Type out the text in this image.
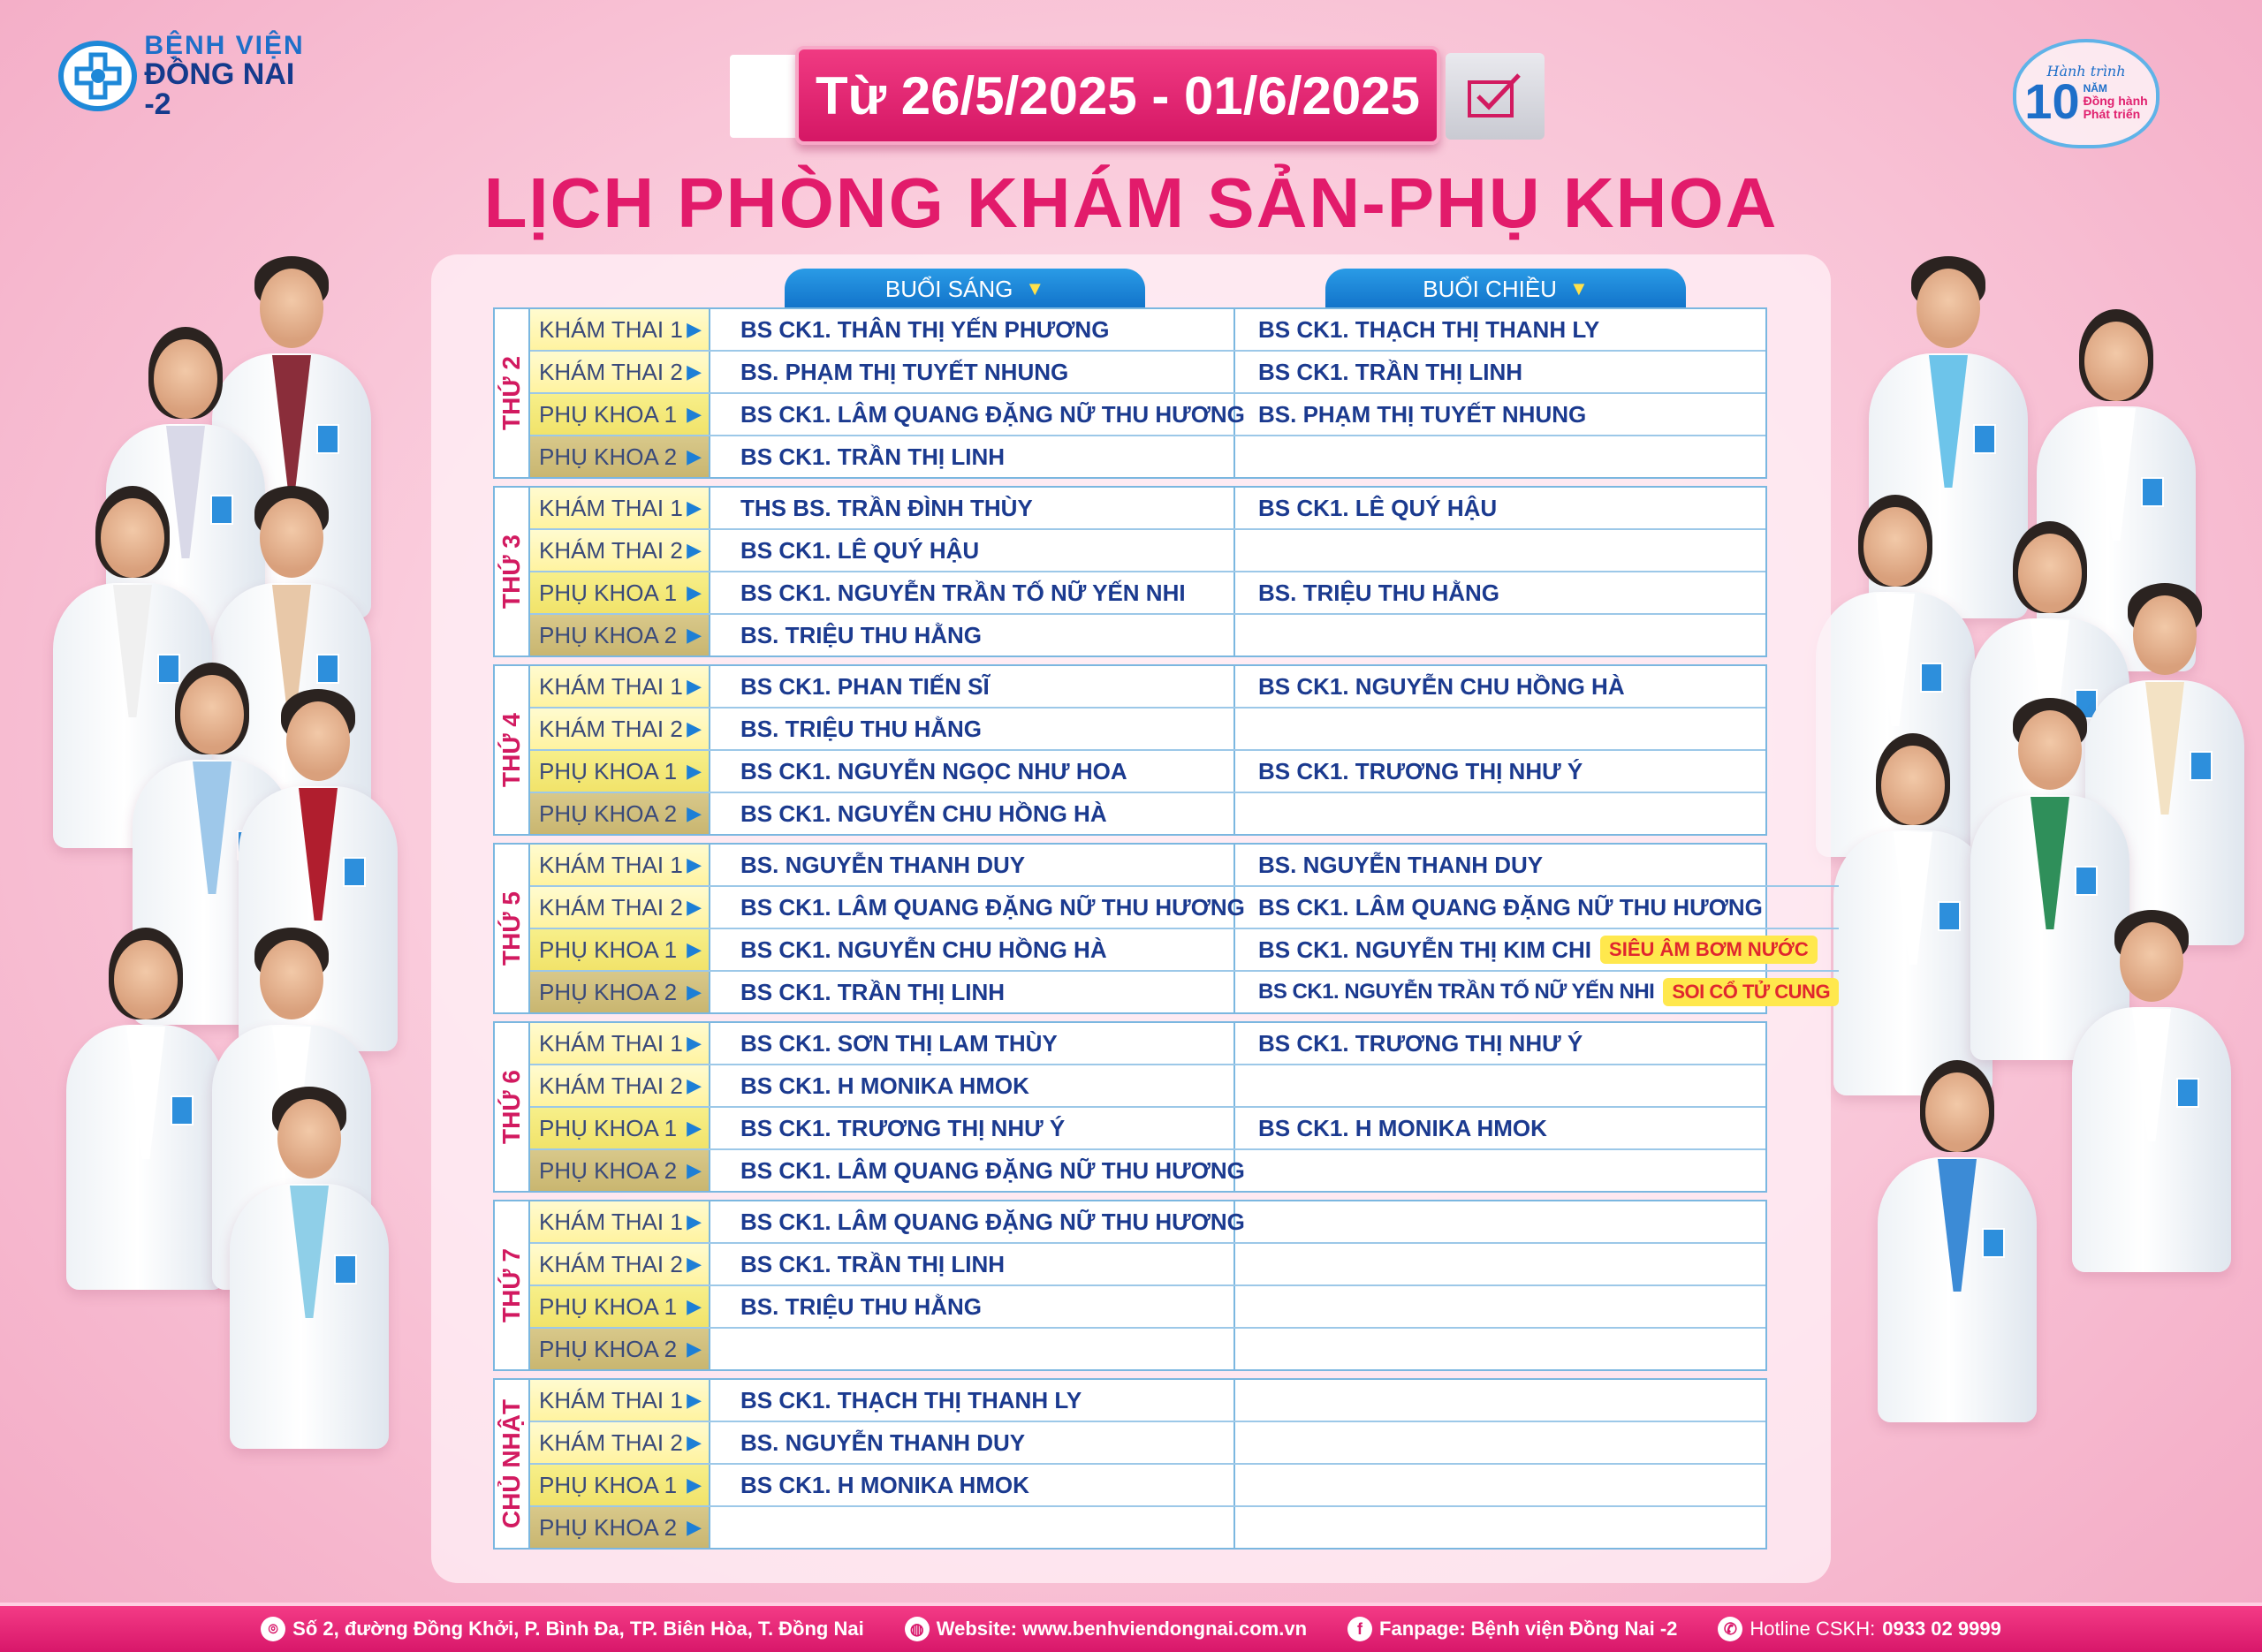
BỆNH VIỆN
ĐỒNG NAI -2
Hành trình
10 NĂM
Đồng hành
Phát triển
Từ 26/5/2025 - 01/6/2025
LỊCH PHÒNG KHÁM SẢN-PHỤ KHOA
BUỔI SÁNG ▼	BUỔI CHIỀU ▼
THỨ 2
KHÁM THAI 1 ▶ BS CK1. THÂN THỊ YẾN PHƯƠNG	BS CK1. THẠCH THỊ THANH LY
KHÁM THAI 2 ▶ BS. PHẠM THỊ TUYẾT NHUNG	BS CK1. TRẦN THỊ LINH
PHỤ KHOA 1 ▶ BS CK1. LÂM QUANG ĐẶNG NỮ THU HƯƠNG BS. PHẠM THỊ TUYẾT NHUNG
PHỤ KHOA 2 ▶ BS CK1. TRẦN THỊ LINH
THỨ 3
KHÁM THAI 1 ▶ THS BS. TRẦN ĐÌNH THÙY	BS CK1. LÊ QUÝ HẬU
KHÁM THAI 2 ▶ BS CK1. LÊ QUÝ HẬU
PHỤ KHOA 1 ▶ BS CK1. NGUYỄN TRẦN TỐ NỮ YẾN NHI	BS. TRIỆU THU HẰNG
PHỤ KHOA 2 ▶ BS. TRIỆU THU HẰNG
THỨ 4
KHÁM THAI 1 ▶ BS CK1. PHAN TIẾN SĨ	BS CK1. NGUYỄN CHU HỒNG HÀ
KHÁM THAI 2 ▶ BS. TRIỆU THU HẰNG
PHỤ KHOA 1 ▶ BS CK1. NGUYỄN NGỌC NHƯ HOA	BS CK1. TRƯƠNG THỊ NHƯ Ý
PHỤ KHOA 2 ▶ BS CK1. NGUYỄN CHU HỒNG HÀ
THỨ 5
KHÁM THAI 1 ▶ BS. NGUYỄN THANH DUY	BS. NGUYỄN THANH DUY
KHÁM THAI 2 ▶ BS CK1. LÂM QUANG ĐẶNG NỮ THU HƯƠNG BS CK1. LÂM QUANG ĐẶNG NỮ THU HƯƠNG
PHỤ KHOA 1 ▶ BS CK1. NGUYỄN CHU HỒNG HÀ	BS CK1. NGUYỄN THỊ KIM CHI SIÊU ÂM BƠM NƯỚC
PHỤ KHOA 2 ▶ BS CK1. TRẦN THỊ LINH	BS CK1. NGUYỄN TRẦN TỐ NỮ YẾN NHI SOI CỔ TỬ CUNG
THỨ 6
KHÁM THAI 1 ▶ BS CK1. SƠN THỊ LAM THÙY	BS CK1. TRƯƠNG THỊ NHƯ Ý
KHÁM THAI 2 ▶ BS CK1. H MONIKA HMOK
PHỤ KHOA 1 ▶ BS CK1. TRƯƠNG THỊ NHƯ Ý	BS CK1. H MONIKA HMOK
PHỤ KHOA 2 ▶ BS CK1. LÂM QUANG ĐẶNG NỮ THU HƯƠNG
THỨ 7
KHÁM THAI 1 ▶ BS CK1. LÂM QUANG ĐẶNG NỮ THU HƯƠNG
KHÁM THAI 2 ▶ BS CK1. TRẦN THỊ LINH
PHỤ KHOA 1 ▶ BS. TRIỆU THU HẰNG
PHỤ KHOA 2 ▶
CHỦ NHẬT KHÁM THAI 1 ▶ BS CK1. THẠCH THỊ THANH LY
KHÁM THAI 2 ▶ BS. NGUYỄN THANH DUY
PHỤ KHOA 1 ▶ BS CK1. H MONIKA HMOK
PHỤ KHOA 2 ▶
⌾ Số 2, đường Đồng Khởi, P. Bình Đa, TP. Biên Hòa, T. Đồng Nai	◍ Website: www.benhviendongnai.com.vn	f Fanpage: Bệnh viện Đồng Nai -2	✆ Hotline CSKH: 0933 02 9999
